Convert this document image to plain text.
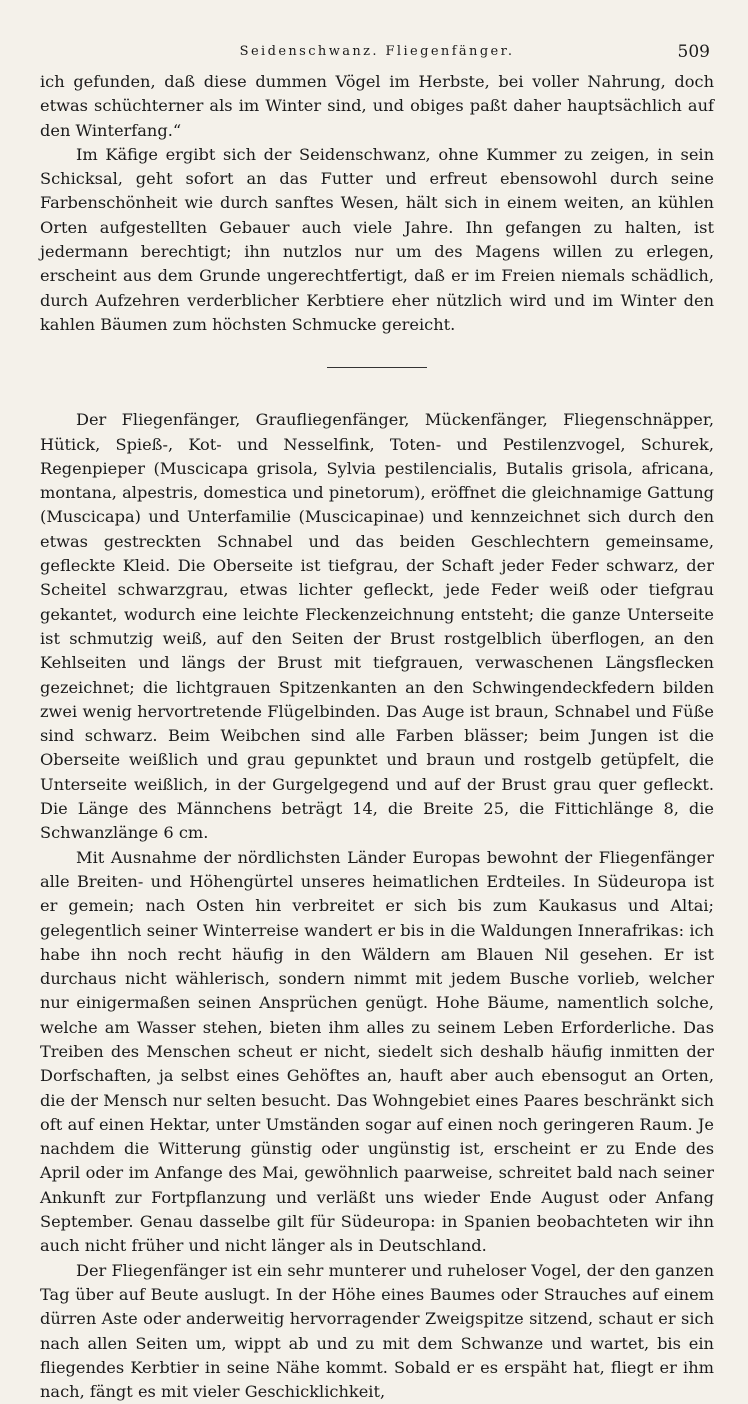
Seidenschwanz. Fliegenfänger.	509

ich gefunden, daß diese dummen Vögel im Herbste, bei voller Nahrung, doch etwas schüchterner als im Winter sind, und obiges paßt daher hauptsächlich auf den Winterfang.“

Im Käfige ergibt sich der Seidenschwanz, ohne Kummer zu zeigen, in sein Schicksal, geht sofort an das Futter und erfreut ebensowohl durch seine Farbenschönheit wie durch sanftes Wesen, hält sich in einem weiten, an kühlen Orten aufgestellten Gebauer auch viele Jahre. Ihn gefangen zu halten, ist jedermann berechtigt; ihn nutzlos nur um des Magens willen zu erlegen, erscheint aus dem Grunde ungerechtfertigt, daß er im Freien niemals schädlich, durch Aufzehren verderblicher Kerbtiere eher nützlich wird und im Winter den kahlen Bäumen zum höchsten Schmucke gereicht.

Der Fliegenfänger, Graufliegenfänger, Mückenfänger, Fliegenschnäpper, Hütick, Spieß-, Kot- und Nesselfink, Toten- und Pestilenzvogel, Schurek, Regenpieper (Muscicapa grisola, Sylvia pestilencialis, Butalis grisola, africana, montana, alpestris, domestica und pinetorum), eröffnet die gleichnamige Gattung (Muscicapa) und Unterfamilie (Muscicapinae) und kennzeichnet sich durch den etwas gestreckten Schnabel und das beiden Geschlechtern gemeinsame, gefleckte Kleid. Die Oberseite ist tiefgrau, der Schaft jeder Feder schwarz, der Scheitel schwarzgrau, etwas lichter gefleckt, jede Feder weiß oder tiefgrau gekantet, wodurch eine leichte Fleckenzeichnung entsteht; die ganze Unterseite ist schmutzig weiß, auf den Seiten der Brust rostgelblich überflogen, an den Kehlseiten und längs der Brust mit tiefgrauen, verwaschenen Längsflecken gezeichnet; die lichtgrauen Spitzenkanten an den Schwingendeckfedern bilden zwei wenig hervortretende Flügelbinden. Das Auge ist braun, Schnabel und Füße sind schwarz. Beim Weibchen sind alle Farben blässer; beim Jungen ist die Oberseite weißlich und grau gepunktet und braun und rostgelb getüpfelt, die Unterseite weißlich, in der Gurgelgegend und auf der Brust grau quer gefleckt. Die Länge des Männchens beträgt 14, die Breite 25, die Fittichlänge 8, die Schwanzlänge 6 cm.

Mit Ausnahme der nördlichsten Länder Europas bewohnt der Fliegenfänger alle Breiten- und Höhengürtel unseres heimatlichen Erdteiles. In Südeuropa ist er gemein; nach Osten hin verbreitet er sich bis zum Kaukasus und Altai; gelegentlich seiner Winterreise wandert er bis in die Waldungen Innerafrikas: ich habe ihn noch recht häufig in den Wäldern am Blauen Nil gesehen. Er ist durchaus nicht wählerisch, sondern nimmt mit jedem Busche vorlieb, welcher nur einigermaßen seinen Ansprüchen genügt. Hohe Bäume, namentlich solche, welche am Wasser stehen, bieten ihm alles zu seinem Leben Erforderliche. Das Treiben des Menschen scheut er nicht, siedelt sich deshalb häufig inmitten der Dorfschaften, ja selbst eines Gehöftes an, hauft aber auch ebensogut an Orten, die der Mensch nur selten besucht. Das Wohngebiet eines Paares beschränkt sich oft auf einen Hektar, unter Umständen sogar auf einen noch geringeren Raum. Je nachdem die Witterung günstig oder ungünstig ist, erscheint er zu Ende des April oder im Anfange des Mai, gewöhnlich paarweise, schreitet bald nach seiner Ankunft zur Fortpflanzung und verläßt uns wieder Ende August oder Anfang September. Genau dasselbe gilt für Südeuropa: in Spanien beobachteten wir ihn auch nicht früher und nicht länger als in Deutschland.

Der Fliegenfänger ist ein sehr munterer und ruheloser Vogel, der den ganzen Tag über auf Beute auslugt. In der Höhe eines Baumes oder Strauches auf einem dürren Aste oder anderweitig hervorragender Zweigspitze sitzend, schaut er sich nach allen Seiten um, wippt ab und zu mit dem Schwanze und wartet, bis ein fliegendes Kerbtier in seine Nähe kommt. Sobald er es erspäht hat, fliegt er ihm nach, fängt es mit vieler Geschicklichkeit,
